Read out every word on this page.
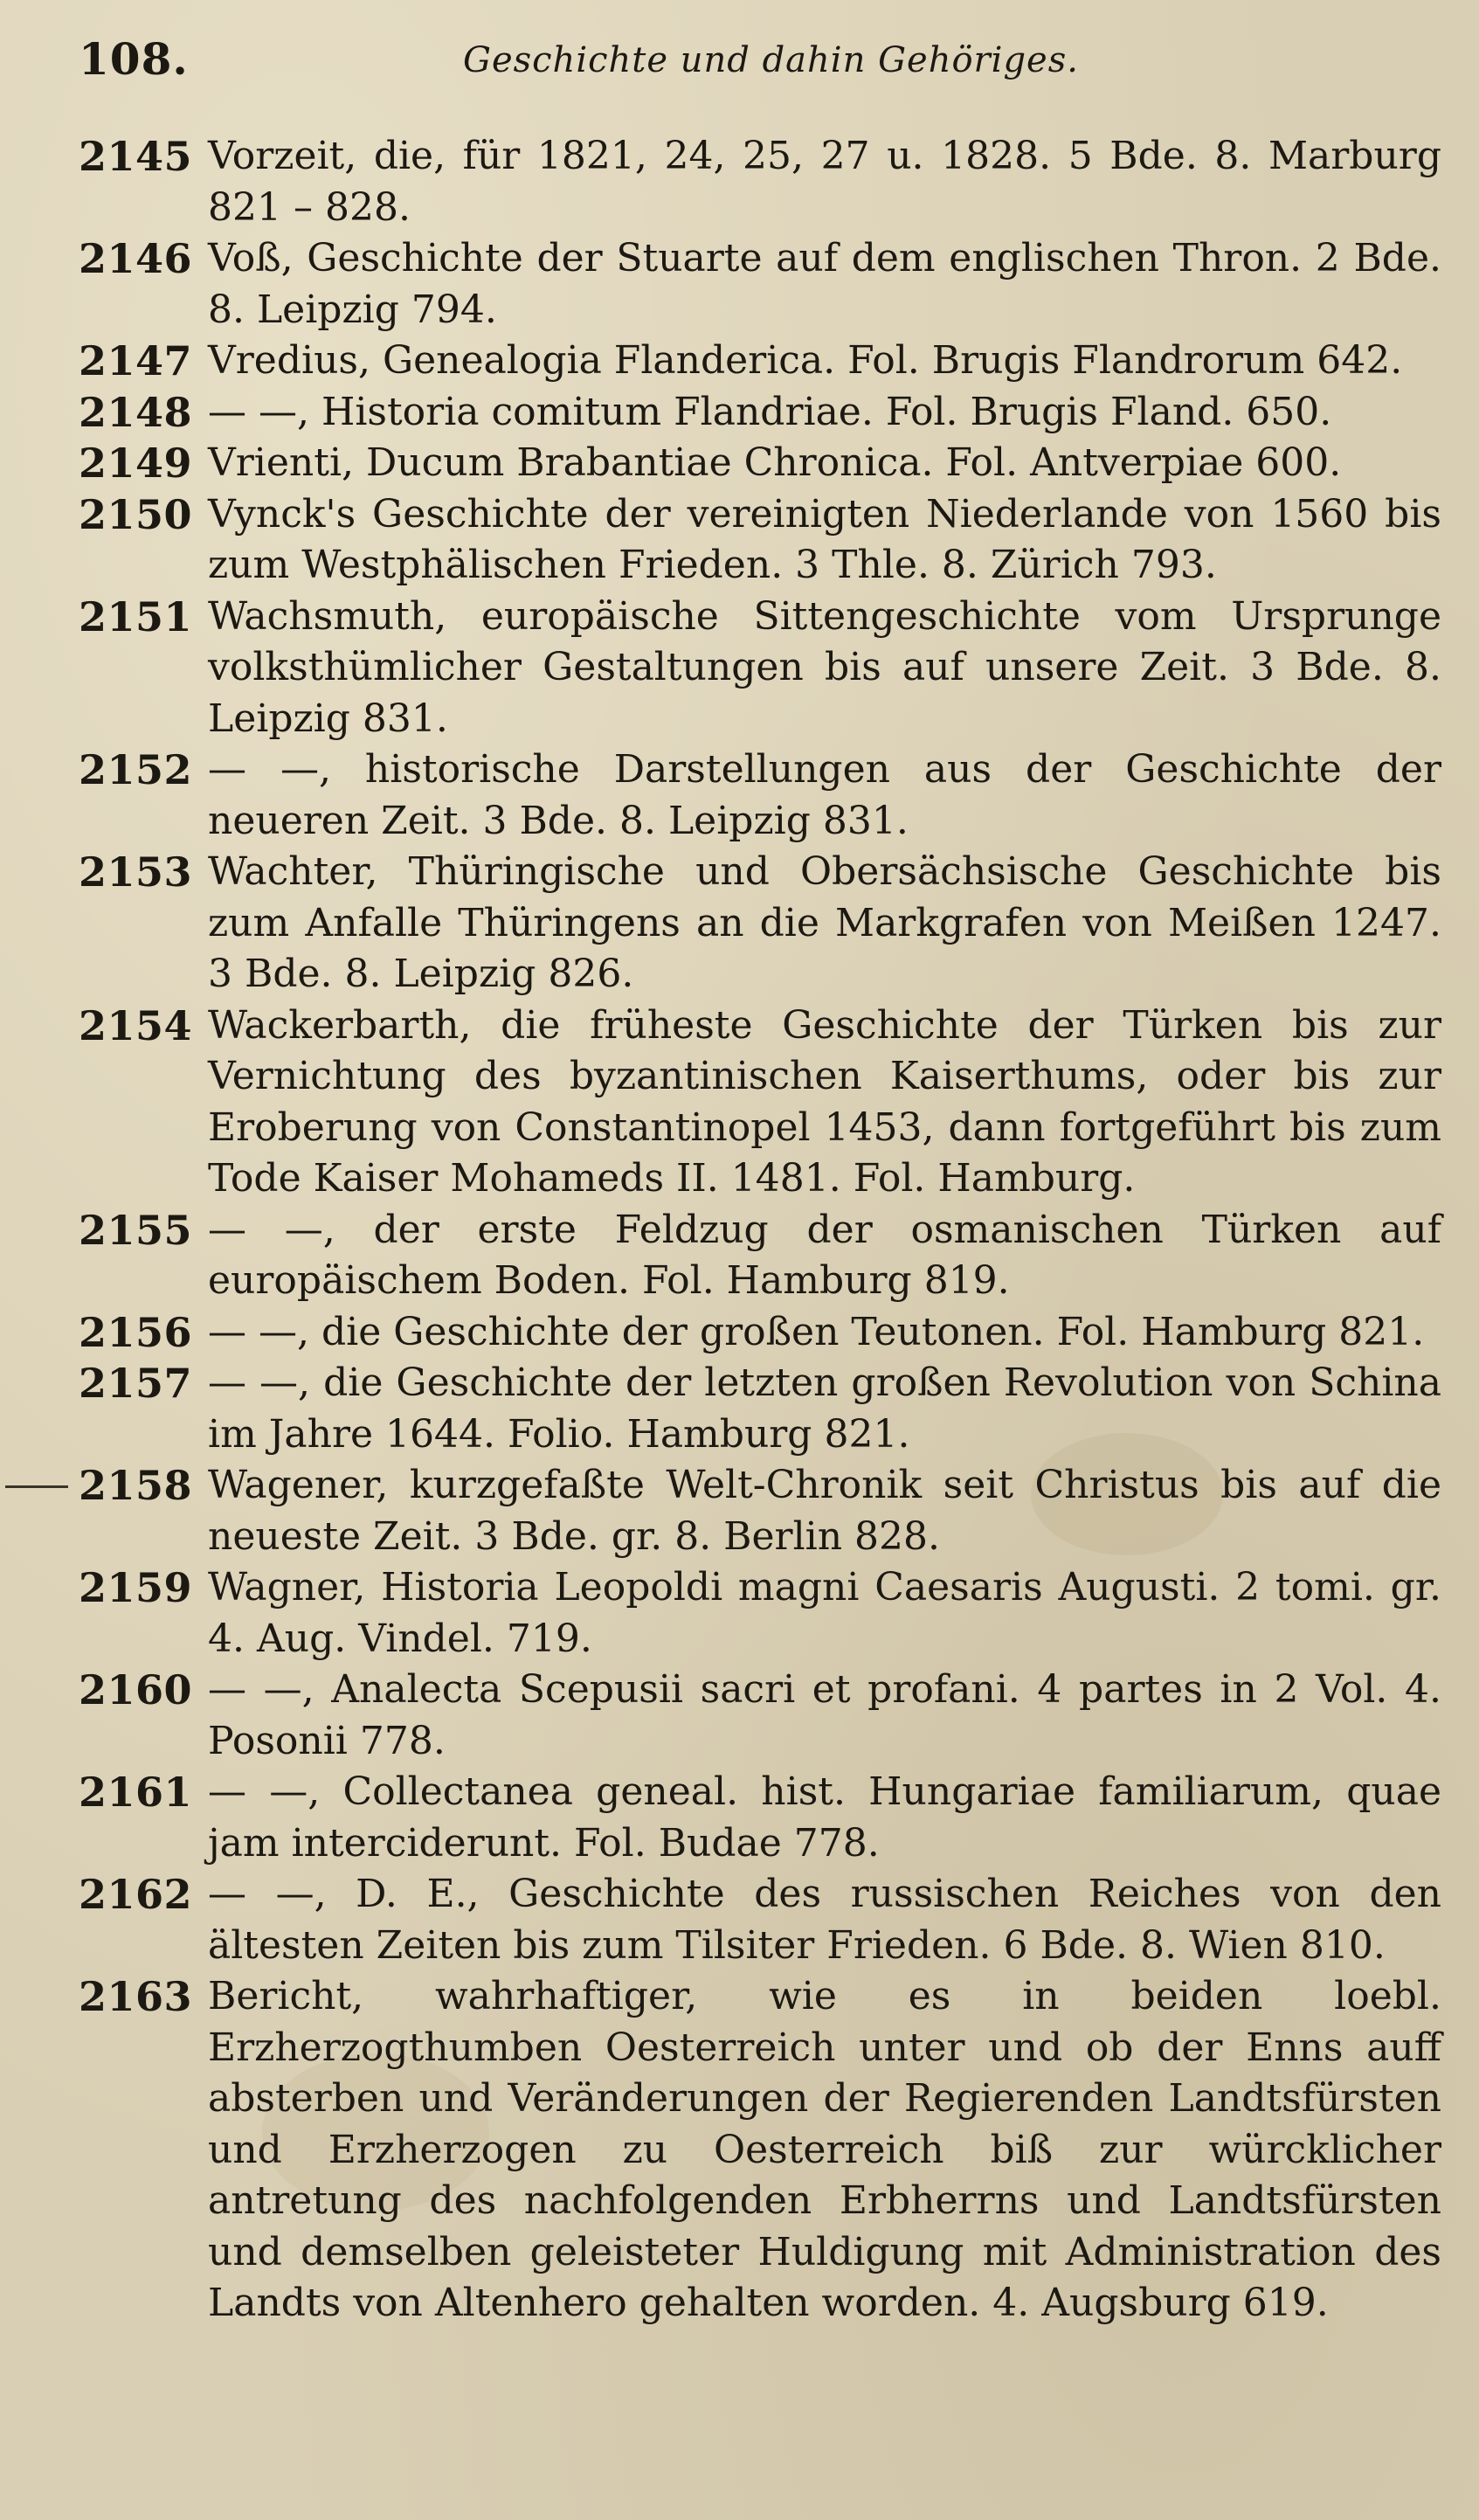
108.	Geschichte und dahin Gehöriges.
2145 Vorzeit, die, für 1821, 24, 25, 27 u. 1828. 5 Bde. 8. Marburg 821 – 828.
2146 Voß, Geschichte der Stuarte auf dem englischen Thron. 2 Bde. 8. Leipzig 794.
2147 Vredius, Genealogia Flanderica. Fol. Brugis Flandrorum 642.
2148 — —, Historia comitum Flandriae. Fol. Brugis Fland. 650.
2149 Vrienti, Ducum Brabantiae Chronica. Fol. Antverpiae 600.
2150 Vynck's Geschichte der vereinigten Niederlande von 1560 bis zum Westphälischen Frieden. 3 Thle. 8. Zürich 793.
2151 Wachsmuth, europäische Sittengeschichte vom Ursprunge volksthümlicher Gestaltungen bis auf unsere Zeit. 3 Bde. 8. Leipzig 831.
2152 — —, historische Darstellungen aus der Geschichte der neueren Zeit. 3 Bde. 8. Leipzig 831.
2153 Wachter, Thüringische und Obersächsische Geschichte bis zum Anfalle Thüringens an die Markgrafen von Meißen 1247. 3 Bde. 8. Leipzig 826.
2154 Wackerbarth, die früheste Geschichte der Türken bis zur Vernichtung des byzantinischen Kaiserthums, oder bis zur Eroberung von Constantinopel 1453, dann fortgeführt bis zum Tode Kaiser Mohameds II. 1481. Fol. Hamburg.
2155 — —, der erste Feldzug der osmanischen Türken auf europäischem Boden. Fol. Hamburg 819.
2156 — —, die Geschichte der großen Teutonen. Fol. Hamburg 821.
2157 — —, die Geschichte der letzten großen Revolution von Schina im Jahre 1644. Folio. Hamburg 821.
2158 Wagener, kurzgefaßte Welt-Chronik seit Christus bis auf die neueste Zeit. 3 Bde. gr. 8. Berlin 828.
2159 Wagner, Historia Leopoldi magni Caesaris Augusti. 2 tomi. gr. 4. Aug. Vindel. 719.
2160 — —, Analecta Scepusii sacri et profani. 4 partes in 2 Vol. 4. Posonii 778.
2161 — —, Collectanea geneal. hist. Hungariae familiarum, quae jam interciderunt. Fol. Budae 778.
2162 — —, D. E., Geschichte des russischen Reiches von den ältesten Zeiten bis zum Tilsiter Frieden. 6 Bde. 8. Wien 810.
2163 Bericht, wahrhaftiger, wie es in beiden loebl. Erzherzogthumben Oesterreich unter und ob der Enns auff absterben und Veränderungen der Regierenden Landtsfürsten und Erzherzogen zu Oesterreich biß zur würcklicher antretung des nachfolgenden Erbherrns und Landtsfürsten und demselben geleisteter Huldigung mit Administration des Landts von Altenhero gehalten worden. 4. Augsburg 619.
